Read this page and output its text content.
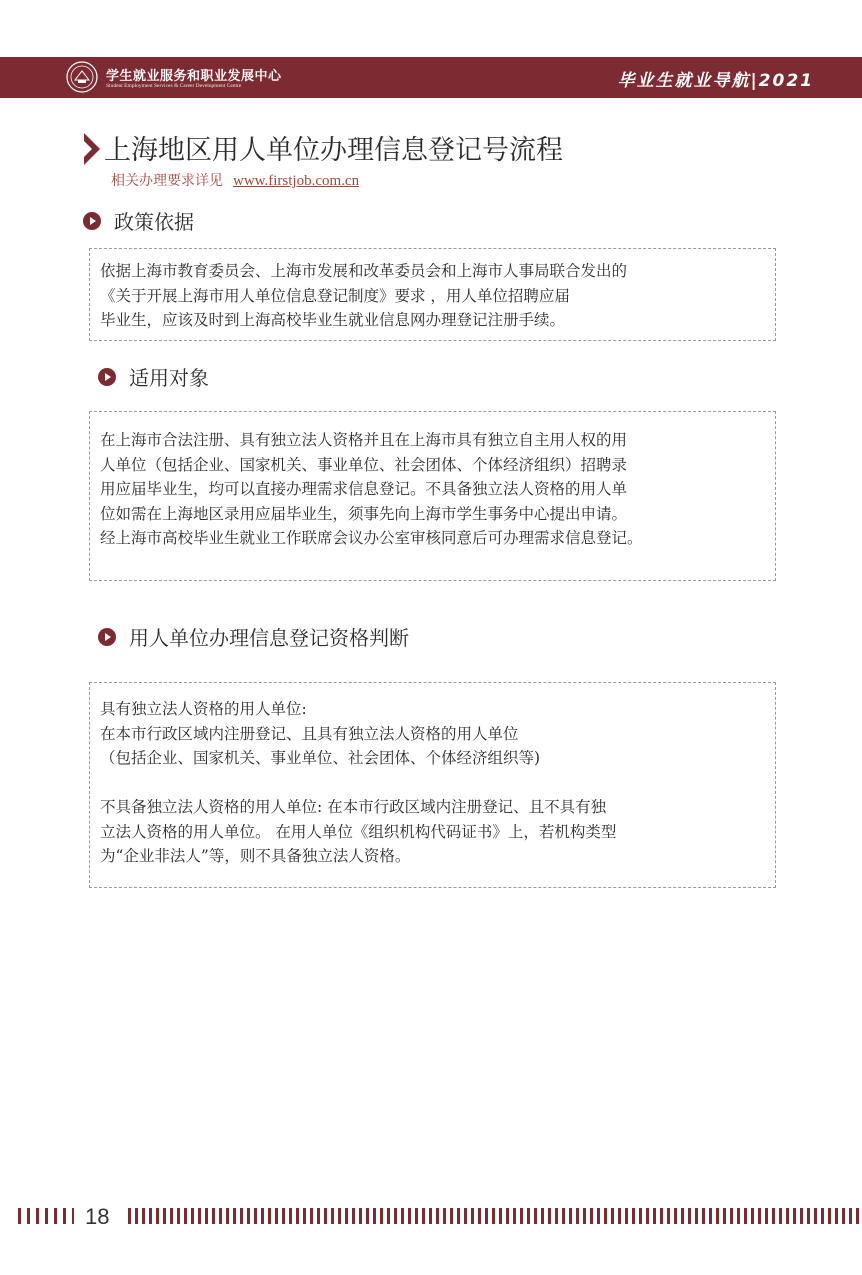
学生就业服务和职业发展中心
Student Employment Services & Career Development Centre	毕业生就业导航|2021
上海地区用人单位办理信息登记号流程
相关办理要求详见 www.firstjob.com.cn
政策依据

依据上海市教育委员会、上海市发展和改革委员会和上海市人事局联合发出的

《关于开展上海市用人单位信息登记制度》要求 ，用人单位招聘应届

毕业生，应该及时到上海高校毕业生就业信息网办理登记注册手续。

适用对象

在上海市合法注册、具有独立法人资格并且在上海市具有独立自主用人权的用

人单位（包括企业、国家机关、事业单位、社会团体、个体经济组织）招聘录

用应届毕业生，均可以直接办理需求信息登记。不具备独立法人资格的用人单

位如需在上海地区录用应届毕业生，须事先向上海市学生事务中心提出申请。

经上海市高校毕业生就业工作联席会议办公室审核同意后可办理需求信息登记。

用人单位办理信息登记资格判断

具有独立法人资格的用人单位:

在本市行政区域内注册登记、且具有独立法人资格的用人单位

（包括企业、国家机关、事业单位、社会团体、个体经济组织等)

不具备独立法人资格的用人单位: 在本市行政区域内注册登记、且不具有独

立法人资格的用人单位。 在用人单位《组织机构代码证书》上，若机构类型

为“企业非法人”等，则不具备独立法人资格。

18
